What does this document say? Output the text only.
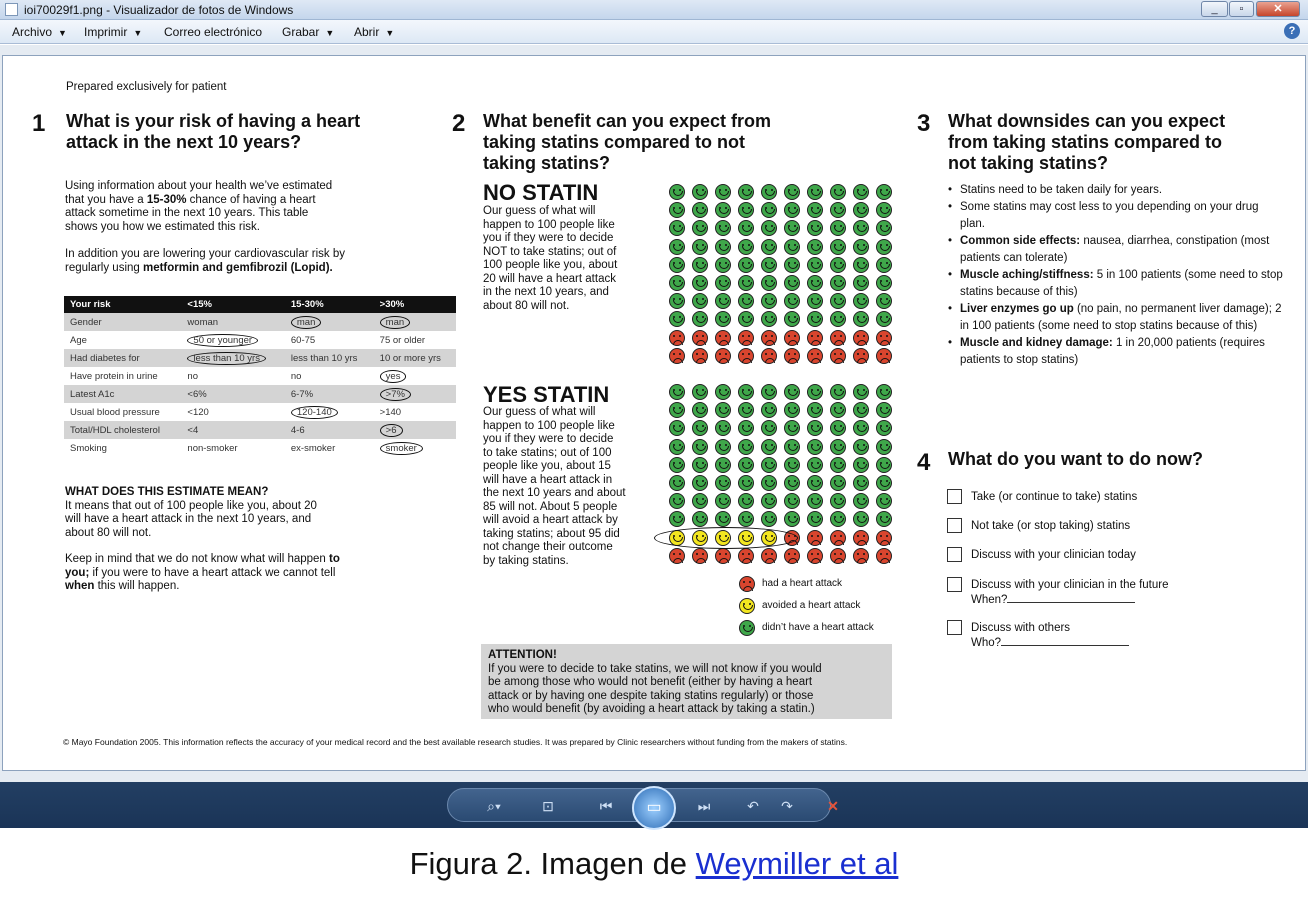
ioi70029f1.png - Visualizador de fotos de Windows	_	▫	✕
Archivo ▼ Imprimir ▼ Correo electrónico Grabar ▼ Abrir ▼	?
Prepared exclusively for patient
1 What is your risk of having a heart
attack in the next 10 years?
Using information about your health we’ve estimated
that you have a 15-30% chance of having a heart
attack sometime in the next 10 years. This table
shows you how we estimated this risk.
In addition you are lowering your cardiovascular risk by
regularly using metformin and gemfibrozil (Lopid).
Your risk	<15%	15-30%	>30%
Gender	woman	man	man
Age	50 or younger	60-75	75 or older
Had diabetes for	less than 10 yrs	less than 10 yrs	10 or more yrs
Have protein in urine	no	no	yes
Latest A1c	<6%	6-7%	>7%
Usual blood pressure	<120	120-140	>140
Total/HDL cholesterol	<4	4-6	>6
Smoking	non-smoker	ex-smoker	smoker
WHAT DOES THIS ESTIMATE MEAN?
It means that out of 100 people like you, about 20
will have a heart attack in the next 10 years, and
about 80 will not.
Keep in mind that we do not know what will happen to
you; if you were to have a heart attack we cannot tell
when this will happen.
2 What benefit can you expect from
taking statins compared to not
taking statins?
NO STATIN
Our guess of what will
happen to 100 people like
you if they were to decide
NOT to take statins; out of
100 people like you, about
20 will have a heart attack
in the next 10 years, and
about 80 will not.
YES STATIN
Our guess of what will
happen to 100 people like
you if they were to decide
to take statins; out of 100
people like you, about 15
will have a heart attack in
the next 10 years and about
85 will not. About 5 people
will avoid a heart attack by
taking statins; about 95 did
not change their outcome
by taking statins.
had a heart attack
avoided a heart attack
didn’t have a heart attack
ATTENTION!
If you were to decide to take statins, we will not know if you would
be among those who would not benefit (either by having a heart
attack or by having one despite taking statins regularly) or those
who would benefit (by avoiding a heart attack by taking a statin.)
3 What downsides can you expect
from taking statins compared to
not taking statins?
• Statins need to be taken daily for years.
• Some statins may cost less to you depending on your drug plan.
• Common side effects: nausea, diarrhea, constipation (most patients can tolerate)
• Muscle aching/stiffness: 5 in 100 patients (some need to stop statins because of this)
• Liver enzymes go up (no pain, no permanent liver damage); 2 in 100 patients (some need to stop statins because of this)
• Muscle and kidney damage: 1 in 20,000 patients (requires patients to stop statins)
4 What do you want to do now?
Take (or continue to take) statins
Not take (or stop taking) statins
Discuss with your clinician today
Discuss with your clinician in the future
When?
Discuss with others
Who?
© Mayo Foundation 2005. This information reflects the accuracy of your medical record and the best available research studies. It was prepared by Clinic researchers without funding from the makers of statins.
⌕▾	⊡	⏮	▭	⏭	↶	↷	✕
Figura 2. Imagen de Weymiller et al
